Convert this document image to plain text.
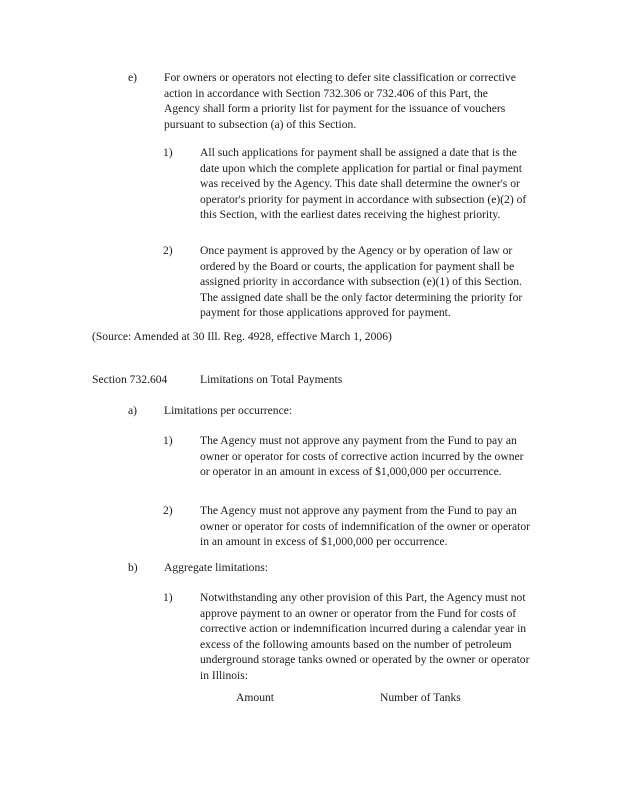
e) For owners or operators not electing to defer site classification or corrective action in accordance with Section 732.306 or 732.406 of this Part, the Agency shall form a priority list for payment for the issuance of vouchers pursuant to subsection (a) of this Section.

1) All such applications for payment shall be assigned a date that is the date upon which the complete application for partial or final payment was received by the Agency. This date shall determine the owner's or operator's priority for payment in accordance with subsection (e)(2) of this Section, with the earliest dates receiving the highest priority.

2) Once payment is approved by the Agency or by operation of law or ordered by the Board or courts, the application for payment shall be assigned priority in accordance with subsection (e)(1) of this Section. The assigned date shall be the only factor determining the priority for payment for those applications approved for payment.

(Source: Amended at 30 Ill. Reg. 4928, effective March 1, 2006)

Section 732.604	Limitations on Total Payments
a) Limitations per occurrence:
1) The Agency must not approve any payment from the Fund to pay an owner or operator for costs of corrective action incurred by the owner or operator in an amount in excess of $1,000,000 per occurrence.

2) The Agency must not approve any payment from the Fund to pay an owner or operator for costs of indemnification of the owner or operator in an amount in excess of $1,000,000 per occurrence.

b) Aggregate limitations:
1) Notwithstanding any other provision of this Part, the Agency must not approve payment to an owner or operator from the Fund for costs of corrective action or indemnification incurred during a calendar year in excess of the following amounts based on the number of petroleum underground storage tanks owned or operated by the owner or operator in Illinois:

Amount	Number of Tanks
